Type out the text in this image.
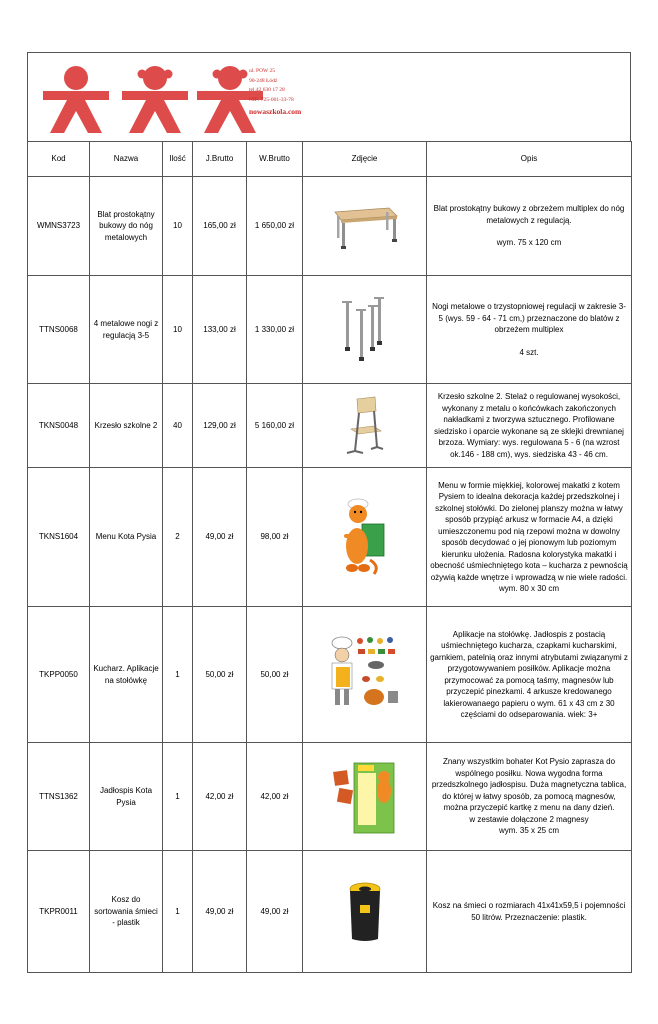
ul. POW 25
90-248 Łódź
tel.42 630 17 28
NIP: 725-001-33-78
nowaszkola.com
Kod	Nazwa	Ilość	J.Brutto	W.Brutto	Zdjęcie	Opis
WMNS3723	Blat prostokątny bukowy do nóg metalowych	10	165,00 zł	1 650,00 zł		Blat prostokątny bukowy z obrzeżem multiplex do nóg metalowych z regulacją.
wym. 75 x 120 cm

TTNS0068	4 metalowe nogi z regulacją 3-5	10	133,00 zł	1 330,00 zł		Nogi metalowe o trzystopniowej regulacji w zakresie 3-5 (wys. 59 - 64 - 71 cm,) przeznaczone do blatów z obrzeżem multiplex
4 szt.

TKNS0048	Krzesło szkolne 2	40	129,00 zł	5 160,00 zł		Krzesło szkolne 2. Stelaż o regulowanej wysokości, wykonany z metalu o końcówkach zakończonych nakładkami z tworzywa sztucznego. Profilowane siedzisko i oparcie wykonane są ze sklejki drewnianej brzoza. Wymiary: wys. regulowana 5 - 6 (na wzrost ok.146 - 188 cm), wys. siedziska 43 - 46 cm.
TKNS1604	Menu Kota Pysia	2	49,00 zł	98,00 zł		Menu w formie miękkiej, kolorowej makatki z kotem Pysiem to idealna dekoracja każdej przedszkolnej i szkolnej stołówki. Do zielonej planszy można w łatwy sposób przypiąć arkusz w formacie A4, a dzięki umieszczonemu pod nią rzepowi można w dowolny sposób decydować o jej pionowym lub poziomym kierunku ułożenia. Radosna kolorystyka makatki i obecność uśmiechniętego kota – kucharza z pewnością ożywią każde wnętrze i wprowadzą w nie wiele radości.
wym. 80 x 30 cm

TKPP0050	Kucharz. Aplikacje na stołówkę	1	50,00 zł	50,00 zł		Aplikacje na stołówkę. Jadłospis z postacią uśmiechniętego kucharza, czapkami kucharskimi, garnkiem, patelnią oraz innymi atrybutami związanymi z przygotowywaniem posiłków. Aplikacje można przymocować za pomocą taśmy, magnesów lub przyczepić pinezkami. 4 arkusze kredowanego lakierowanaego papieru o wym. 61 x 43 cm z 30 częściami do odseparowania. wiek: 3+
TTNS1362	Jadłospis Kota Pysia	1	42,00 zł	42,00 zł		Znany wszystkim bohater Kot Pysio zaprasza do wspólnego posiłku. Nowa wygodna forma przedszkolnego jadłospisu. Duża magnetyczna tablica, do której w łatwy sposób, za pomocą magnesów, można przyczepić kartkę z menu na dany dzień.
w zestawie dołączone 2 magnesy
wym. 35 x 25 cm

TKPR0011	Kosz do sortowania śmieci - plastik	1	49,00 zł	49,00 zł		Kosz na śmieci o rozmiarach 41x41x59,5 i pojemności 50 litrów. Przeznaczenie: plastik.
